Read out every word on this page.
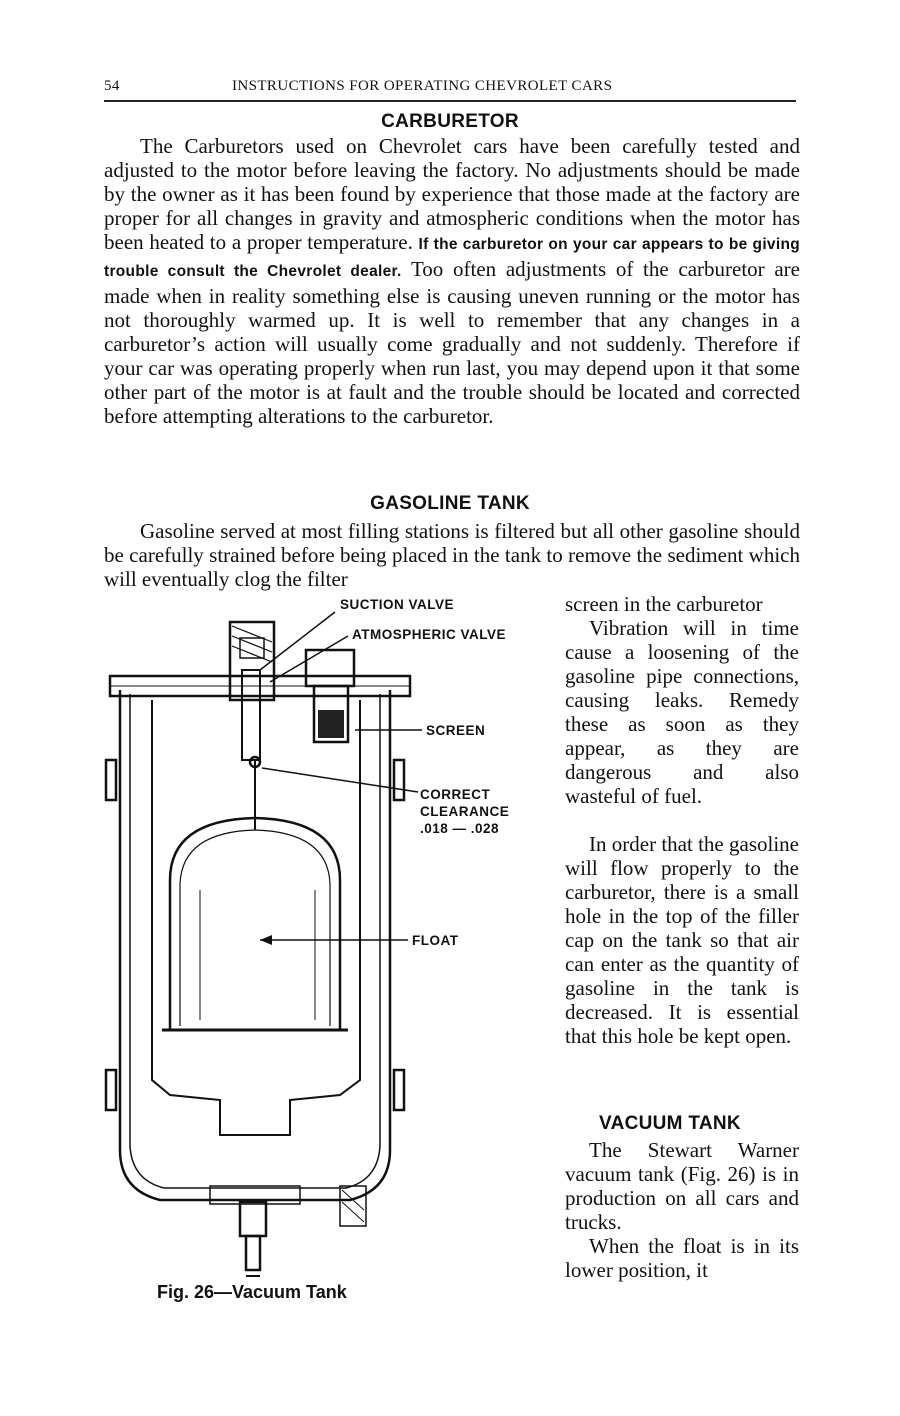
54	INSTRUCTIONS FOR OPERATING CHEVROLET CARS
CARBURETOR

The Carburetors used on Chevrolet cars have been carefully tested and adjusted to the motor before leaving the factory. No adjustments should be made by the owner as it has been found by experience that those made at the factory are proper for all changes in gravity and atmospheric conditions when the motor has been heated to a proper temperature. If the carburetor on your car appears to be giving trouble consult the Chevrolet dealer. Too often adjustments of the carburetor are made when in reality something else is causing uneven running or the motor has not thoroughly warmed up. It is well to remember that any changes in a carburetor’s action will usually come gradually and not suddenly. Therefore if your car was operating properly when run last, you may depend upon it that some other part of the motor is at fault and the trouble should be located and corrected before attempting alterations to the carburetor.

GASOLINE TANK

Gasoline served at most filling stations is filtered but all other gasoline should be carefully strained before being placed in the tank to remove the sediment which will eventually clog the filter

screen in the carburetor

Vibration will in time cause a loosening of the gasoline pipe connections, causing leaks. Remedy these as soon as they appear, as they are dangerous and also wasteful of fuel.

In order that the gasoline will flow properly to the carburetor, there is a small hole in the top of the filler cap on the tank so that air can enter as the quantity of gasoline in the tank is decreased. It is essential that this hole be kept open.

VACUUM TANK

The Stewart Warner vacuum tank (Fig. 26) is in production on all cars and trucks.

When the float is in its lower position, it

SUCTION VALVE
ATMOSPHERIC VALVE
SCREEN
CORRECT
CLEARANCE
.018 — .028
FLOAT
Fig. 26—Vacuum Tank
